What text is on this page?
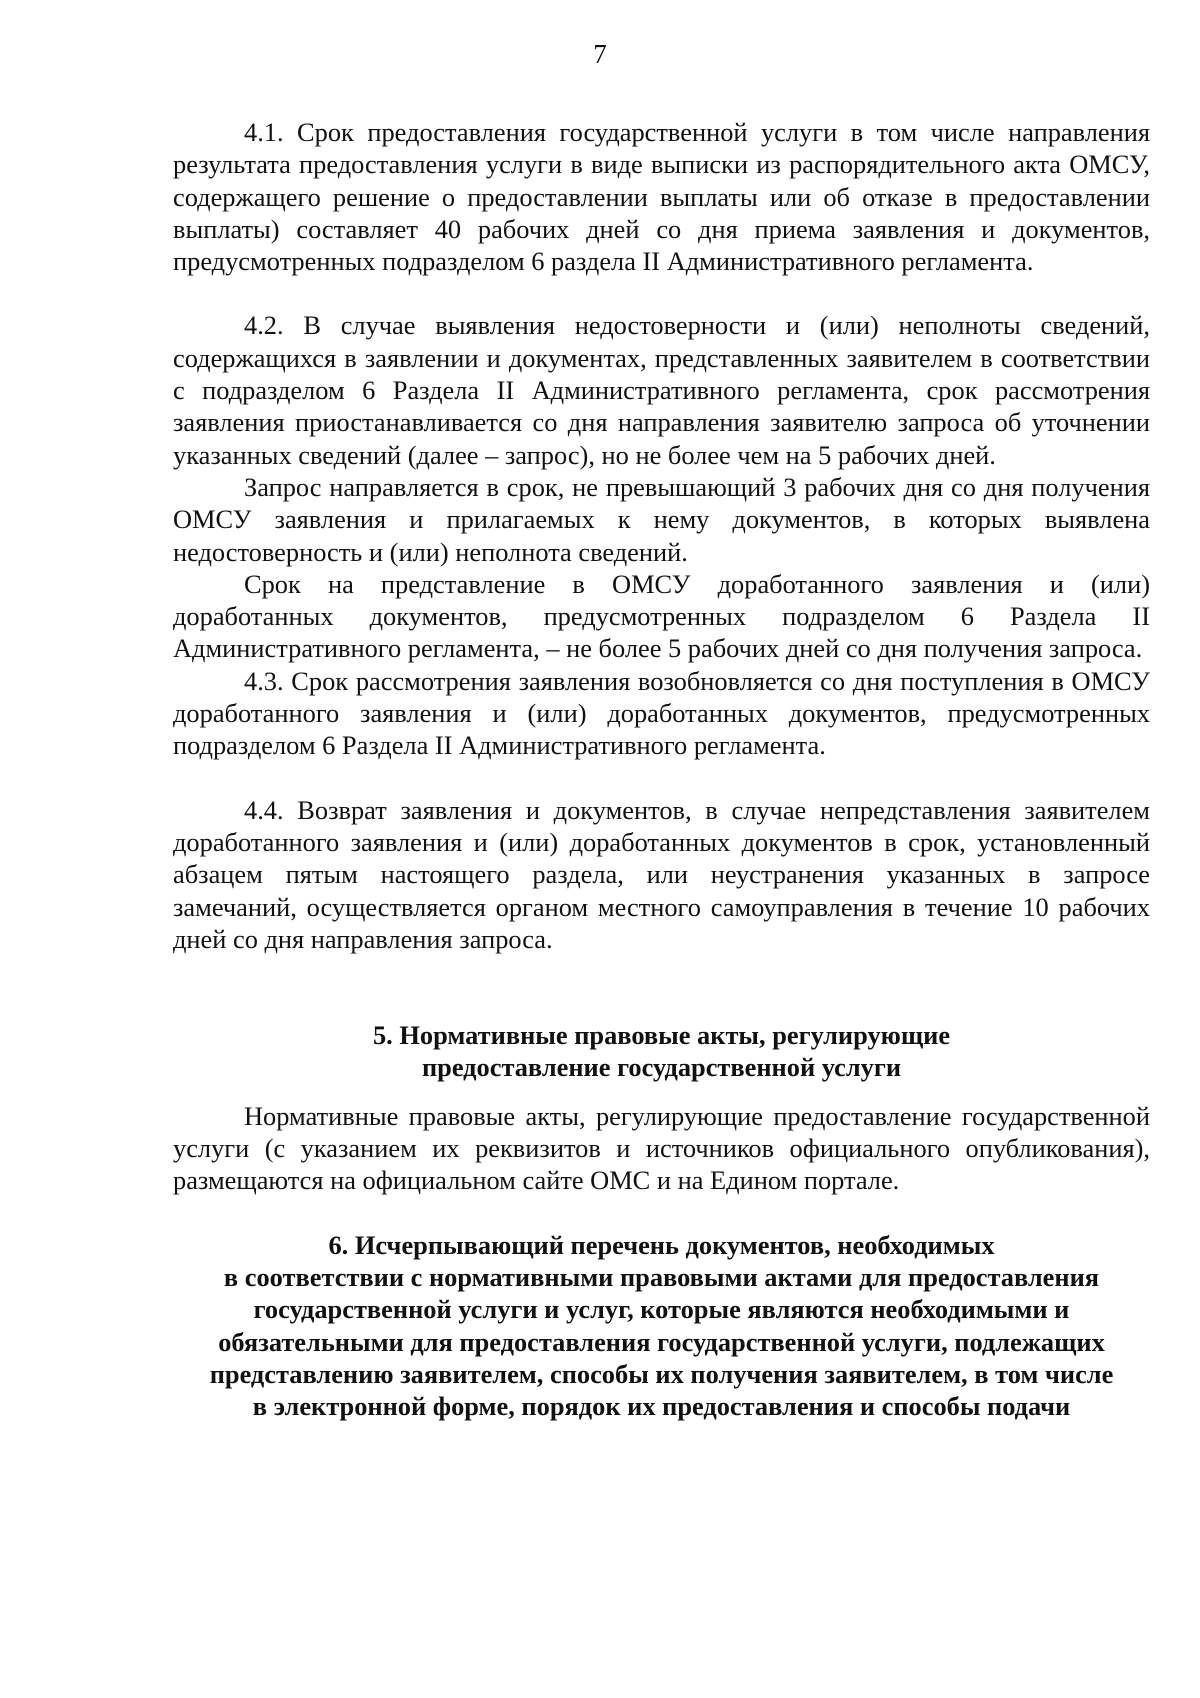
7

4.1. Срок предоставления государственной услуги в том числе направления результата предоставления услуги в виде выписки из распорядительного акта ОМСУ, содержащего решение о предоставлении выплаты или об отказе в предоставлении выплаты) составляет 40 рабочих дней со дня приема заявления и документов, предусмотренных подразделом 6 раздела II Административного регламента.

4.2. В случае выявления недостоверности и (или) неполноты сведений, содержащихся в заявлении и документах, представленных заявителем в соответствии с подразделом 6 Раздела II Административного регламента, срок рассмотрения заявления приостанавливается со дня направления заявителю запроса об уточнении указанных сведений (далее – запрос), но не более чем на 5 рабочих дней.

Запрос направляется в срок, не превышающий 3 рабочих дня со дня получения ОМСУ заявления и прилагаемых к нему документов, в которых выявлена недостоверность и (или) неполнота сведений.

Срок на представление в ОМСУ доработанного заявления и (или) доработанных документов, предусмотренных подразделом 6 Раздела II Административного регламента, – не более 5 рабочих дней со дня получения запроса.

4.3. Срок рассмотрения заявления возобновляется со дня поступления в ОМСУ доработанного заявления и (или) доработанных документов, предусмотренных подразделом 6 Раздела II Административного регламента.

4.4. Возврат заявления и документов, в случае непредставления заявителем доработанного заявления и (или) доработанных документов в срок, установленный абзацем пятым настоящего раздела, или неустранения указанных в запросе замечаний, осуществляется органом местного самоуправления в течение 10 рабочих дней со дня направления запроса.

5. Нормативные правовые акты, регулирующие
предоставление государственной услуги

Нормативные правовые акты, регулирующие предоставление государственной услуги (с указанием их реквизитов и источников официального опубликования), размещаются на официальном сайте ОМС и на Едином портале.

6. Исчерпывающий перечень документов, необходимых
в соответствии с нормативными правовыми актами для предоставления
государственной услуги и услуг, которые являются необходимыми и
обязательными для предоставления государственной услуги, подлежащих
представлению заявителем, способы их получения заявителем, в том числе
в электронной форме, порядок их предоставления и способы подачи
